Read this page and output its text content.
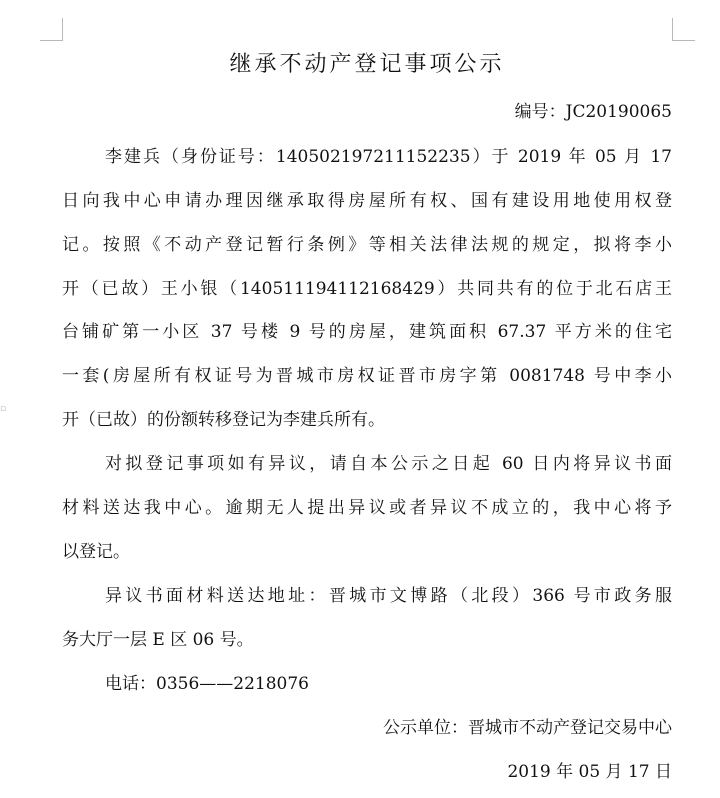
▫
继承不动产登记事项公示
编号：JC20190065
李建兵（身份证号：140502197211152235）于 2019 年 05 月 17
日向我中心申请办理因继承取得房屋所有权、国有建设用地使用权登
记。按照《不动产登记暂行条例》等相关法律法规的规定，拟将李小
开（已故）王小银（140511194112168429）共同共有的位于北石店王
台铺矿第一小区 37 号楼 9 号的房屋，建筑面积 67.37 平方米的住宅
一套(房屋所有权证号为晋城市房权证晋市房字第 0081748 号中李小
开（已故）的份额转移登记为李建兵所有。
对拟登记事项如有异议，请自本公示之日起 60 日内将异议书面
材料送达我中心。逾期无人提出异议或者异议不成立的，我中心将予
以登记。
异议书面材料送达地址：晋城市文博路（北段）366 号市政务服
务大厅一层 E 区 06 号。
电话：0356——2218076
公示单位：晋城市不动产登记交易中心
2019 年 05 月 17 日
